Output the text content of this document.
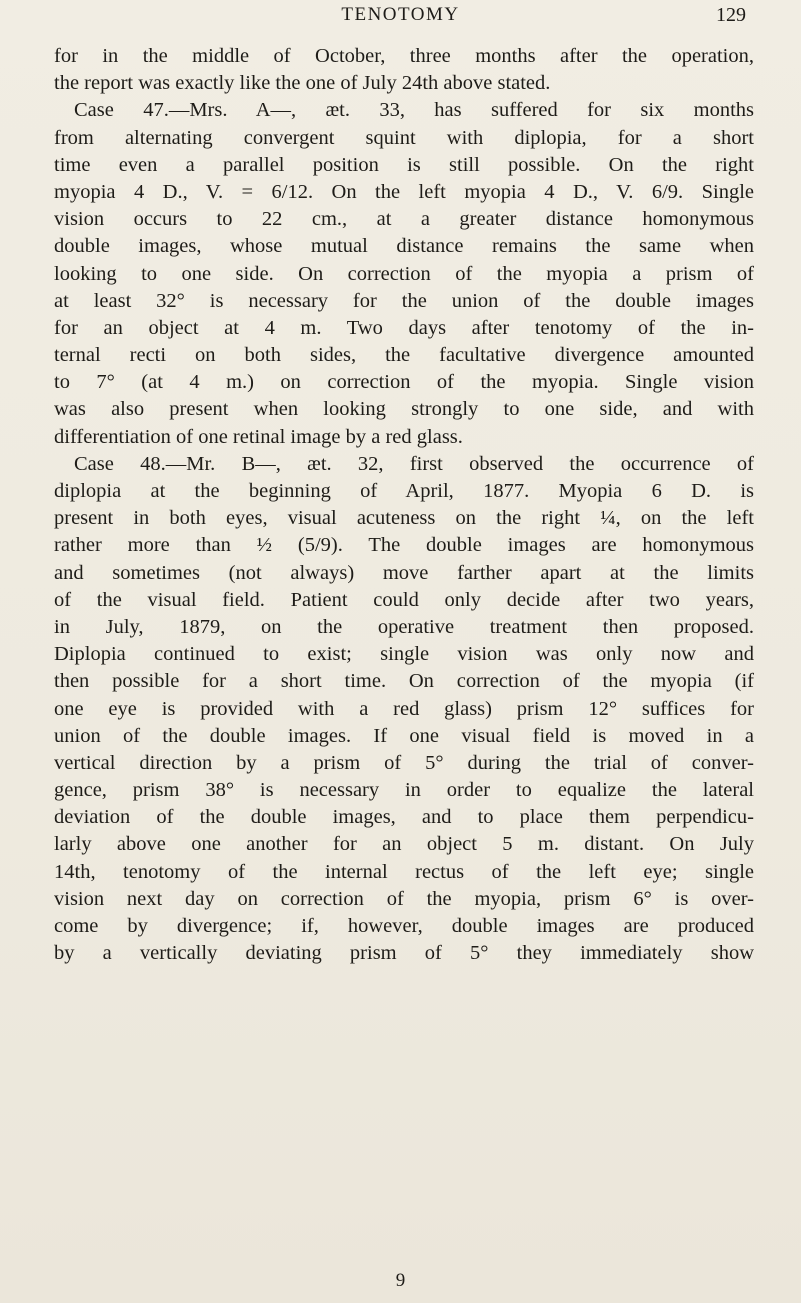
TENOTOMY	129
for in the middle of October, three months after the operation,
the report was exactly like the one of July 24th above stated.
Case 47.—Mrs. A—, æt. 33, has suffered for six months
from alternating convergent squint with diplopia, for a short
time even a parallel position is still possible. On the right
myopia 4 D., V. = 6/12. On the left myopia 4 D., V. 6/9. Single
vision occurs to 22 cm., at a greater distance homonymous
double images, whose mutual distance remains the same when
looking to one side. On correction of the myopia a prism of
at least 32° is necessary for the union of the double images
for an object at 4 m. Two days after tenotomy of the in-
ternal recti on both sides, the facultative divergence amounted
to 7° (at 4 m.) on correction of the myopia. Single vision
was also present when looking strongly to one side, and with
differentiation of one retinal image by a red glass.
Case 48.—Mr. B—, æt. 32, first observed the occurrence of
diplopia at the beginning of April, 1877. Myopia 6 D. is
present in both eyes, visual acuteness on the right ¼, on the left
rather more than ½ (5/9). The double images are homonymous
and sometimes (not always) move farther apart at the limits
of the visual field. Patient could only decide after two years,
in July, 1879, on the operative treatment then proposed.
Diplopia continued to exist; single vision was only now and
then possible for a short time. On correction of the myopia (if
one eye is provided with a red glass) prism 12° suffices for
union of the double images. If one visual field is moved in a
vertical direction by a prism of 5° during the trial of conver-
gence, prism 38° is necessary in order to equalize the lateral
deviation of the double images, and to place them perpendicu-
larly above one another for an object 5 m. distant. On July
14th, tenotomy of the internal rectus of the left eye; single
vision next day on correction of the myopia, prism 6° is over-
come by divergence; if, however, double images are produced
by a vertically deviating prism of 5° they immediately show
9
